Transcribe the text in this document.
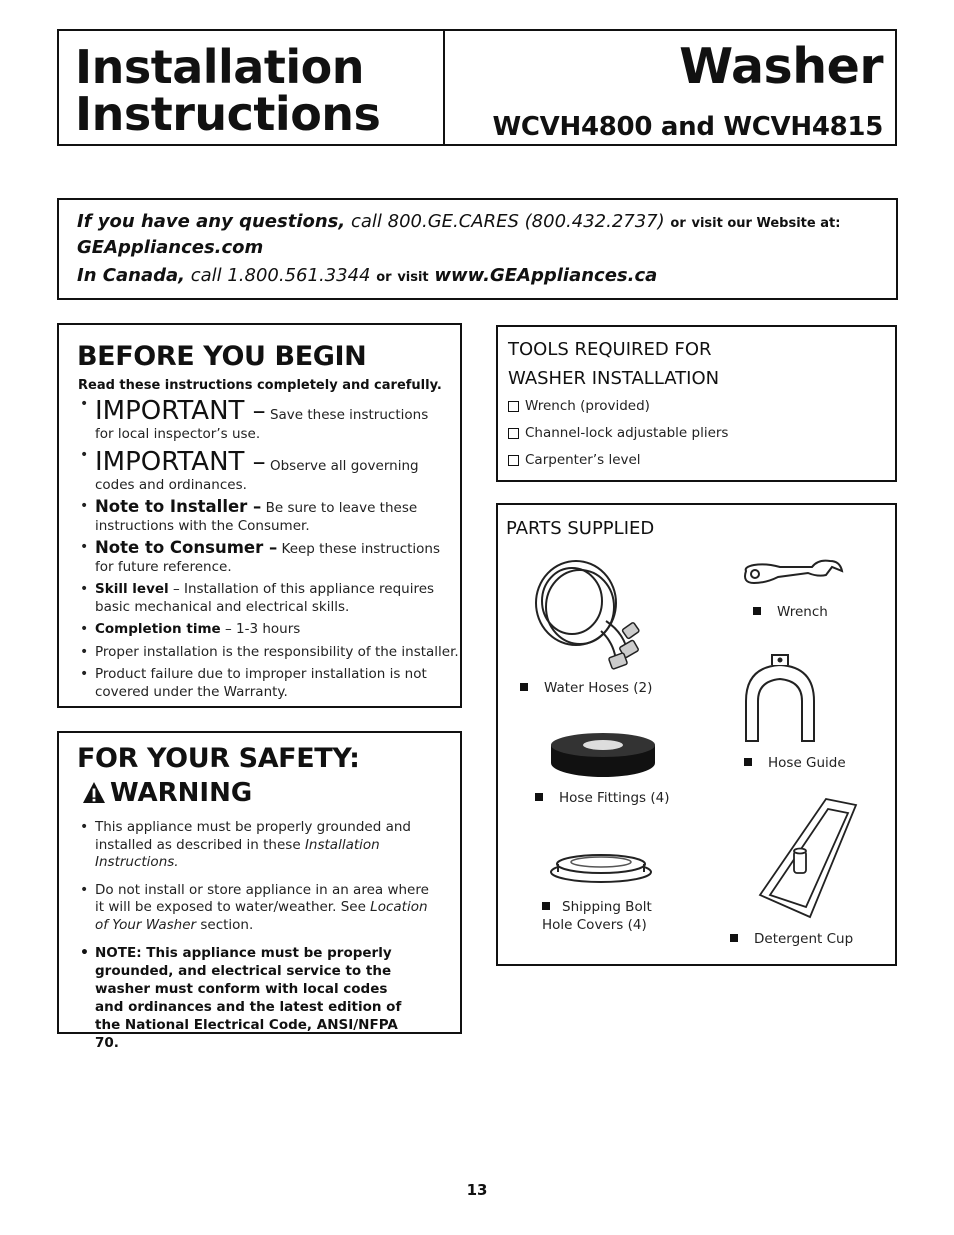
Installation
Instructions
Washer
WCVH4800 and WCVH4815
If you have any questions, call 800.GE.CARES (800.432.2737) or visit our Website at:
GEAppliances.com
In Canada, call 1.800.561.3344 or visit www.GEAppliances.ca
BEFORE YOU BEGIN
Read these instructions completely and carefully.
• IMPORTANT – Save these instructions
for local inspector’s use.
• IMPORTANT – Observe all governing
codes and ordinances.
• Note to Installer – Be sure to leave these
instructions with the Consumer.
• Note to Consumer – Keep these instructions
for future reference.
• Skill level – Installation of this appliance requires
basic mechanical and electrical skills.
• Completion time – 1-3 hours
• Proper installation is the responsibility of the installer.
• Product failure due to improper installation is not
covered under the Warranty.
FOR YOUR SAFETY:
WARNING
• This appliance must be properly grounded and
installed as described in these Installation Instructions.
• Do not install or store appliance in an area where
it will be exposed to water/weather. See Location
of Your Washer section.
• NOTE: This appliance must be properly grounded, and electrical service to the washer must conform with local codes and ordinances and the latest edition of the National Electrical Code, ANSI/NFPA 70.
TOOLS REQUIRED FOR
WASHER INSTALLATION
Wrench (provided)
Channel-lock adjustable pliers
Carpenter’s level
PARTS SUPPLIED
Water Hoses (2)
Wrench
Hose Guide
Hose Fittings (4)
Shipping Bolt
Hole Covers (4)
Detergent Cup
13
